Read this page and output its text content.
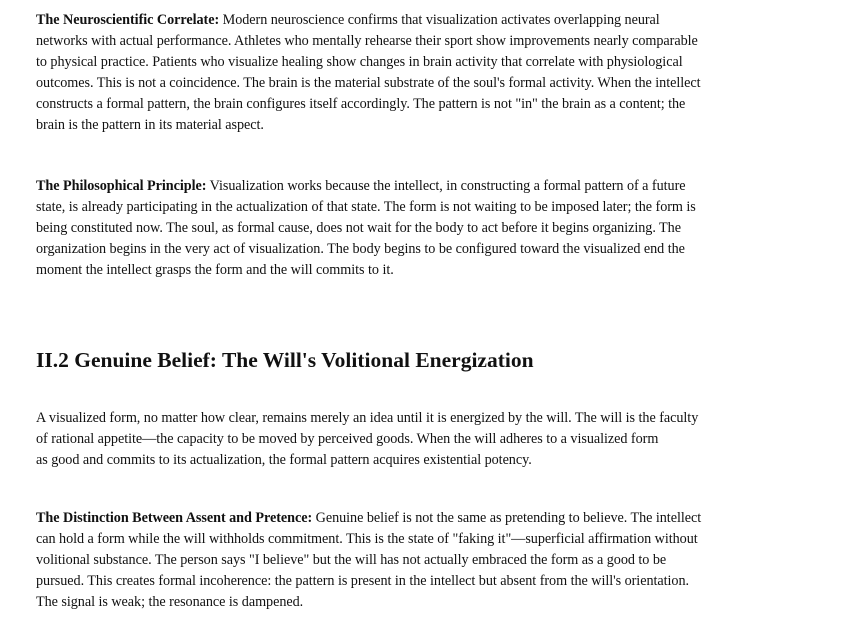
The Neuroscientific Correlate: Modern neuroscience confirms that visualization activates overlapping neural
networks with actual performance. Athletes who mentally rehearse their sport show improvements nearly comparable
to physical practice. Patients who visualize healing show changes in brain activity that correlate with physiological
outcomes. This is not a coincidence. The brain is the material substrate of the soul's formal activity. When the intellect
constructs a formal pattern, the brain configures itself accordingly. The pattern is not "in" the brain as a content; the
brain is the pattern in its material aspect.

The Philosophical Principle: Visualization works because the intellect, in constructing a formal pattern of a future
state, is already participating in the actualization of that state. The form is not waiting to be imposed later; the form is
being constituted now. The soul, as formal cause, does not wait for the body to act before it begins organizing. The
organization begins in the very act of visualization. The body begins to be configured toward the visualized end the
moment the intellect grasps the form and the will commits to it.

II.2 Genuine Belief: The Will's Volitional Energization

A visualized form, no matter how clear, remains merely an idea until it is energized by the will. The will is the faculty
of rational appetite—the capacity to be moved by perceived goods. When the will adheres to a visualized form
as good and commits to its actualization, the formal pattern acquires existential potency.

The Distinction Between Assent and Pretence: Genuine belief is not the same as pretending to believe. The intellect
can hold a form while the will withholds commitment. This is the state of "faking it"—superficial affirmation without
volitional substance. The person says "I believe" but the will has not actually embraced the form as a good to be
pursued. This creates formal incoherence: the pattern is present in the intellect but absent from the will's orientation.
The signal is weak; the resonance is dampened.
